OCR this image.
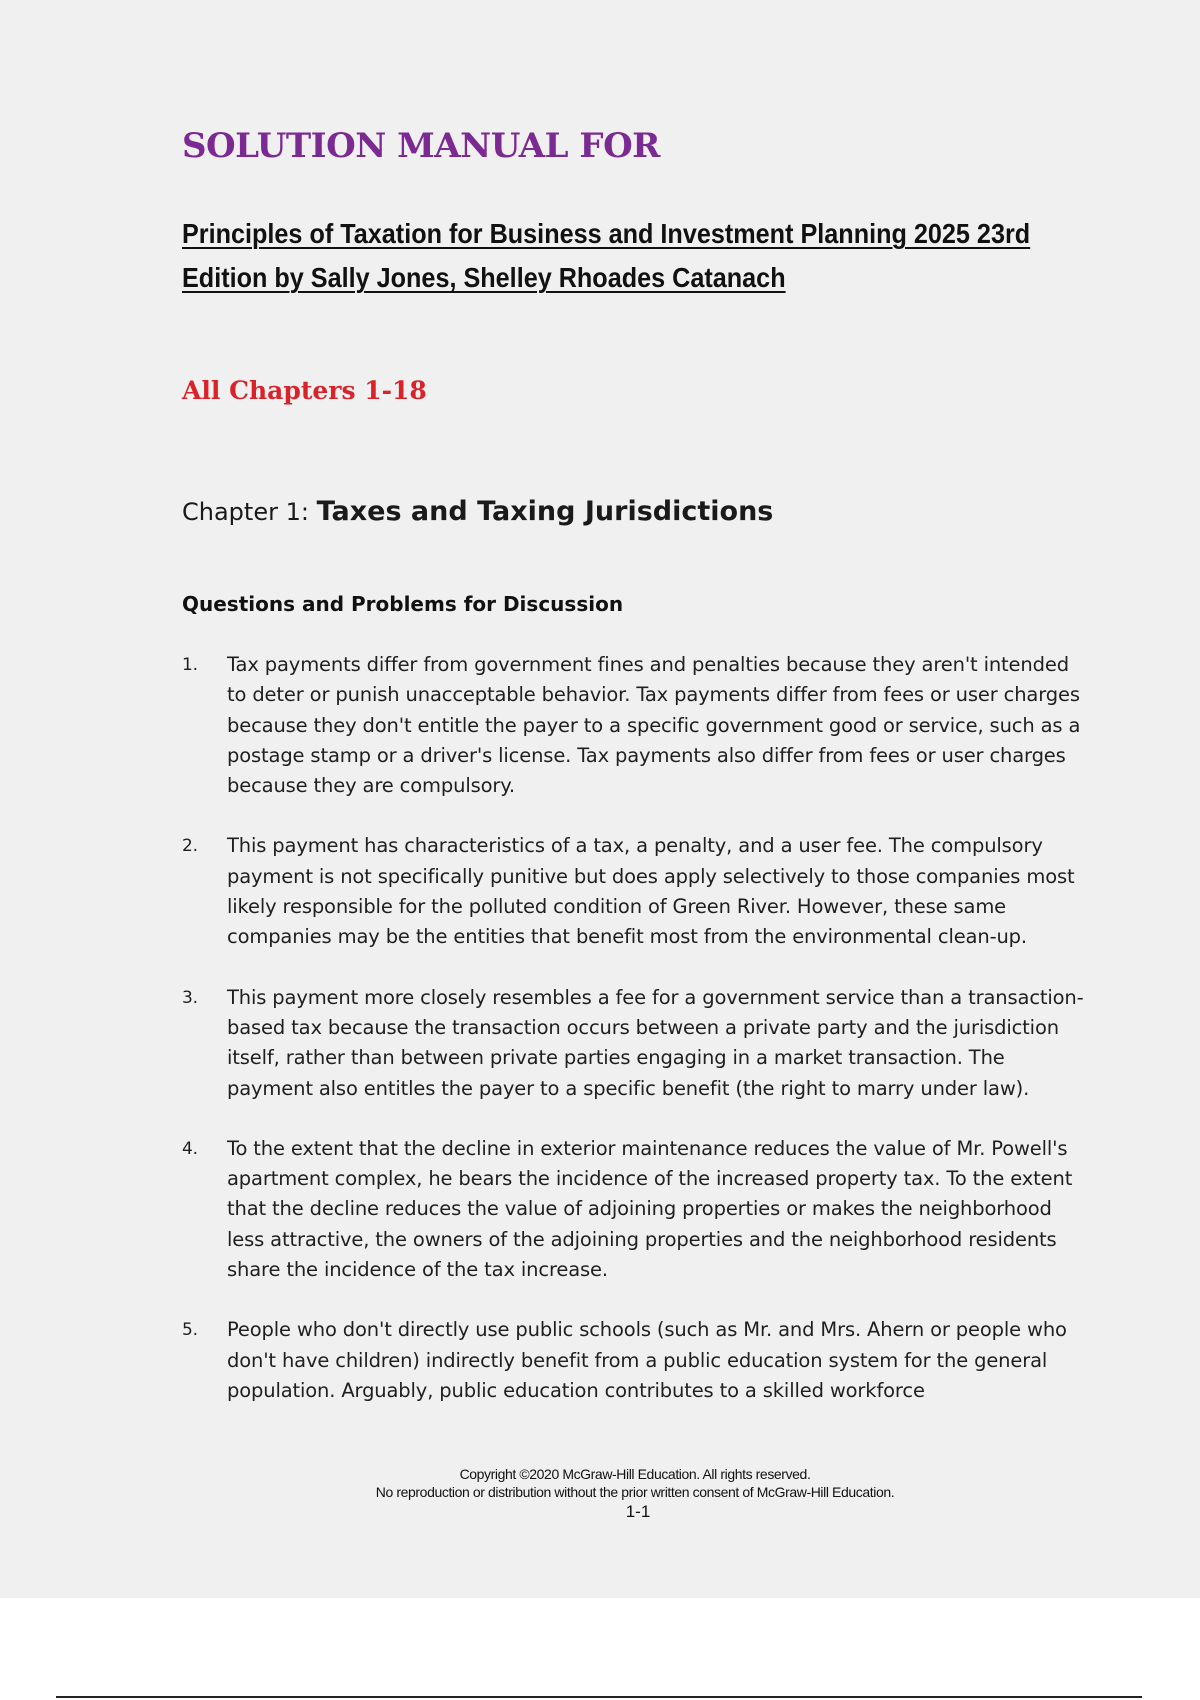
SOLUTION MANUAL FOR
Principles of Taxation for Business and Investment Planning 2025 23rd Edition by Sally Jones, Shelley Rhoades Catanach
All Chapters 1-18
Chapter 1: Taxes and Taxing Jurisdictions
Questions and Problems for Discussion
1. Tax payments differ from government fines and penalties because they aren't intended to deter or punish unacceptable behavior. Tax payments differ from fees or user charges because they don't entitle the payer to a specific government good or service, such as a postage stamp or a driver's license. Tax payments also differ from fees or user charges because they are compulsory.
2. This payment has characteristics of a tax, a penalty, and a user fee. The compulsory payment is not specifically punitive but does apply selectively to those companies most likely responsible for the polluted condition of Green River. However, these same companies may be the entities that benefit most from the environmental clean-up.
3. This payment more closely resembles a fee for a government service than a transaction-based tax because the transaction occurs between a private party and the jurisdiction itself, rather than between private parties engaging in a market transaction. The payment also entitles the payer to a specific benefit (the right to marry under law).
4. To the extent that the decline in exterior maintenance reduces the value of Mr. Powell's apartment complex, he bears the incidence of the increased property tax. To the extent that the decline reduces the value of adjoining properties or makes the neighborhood less attractive, the owners of the adjoining properties and the neighborhood residents share the incidence of the tax increase.
5. People who don't directly use public schools (such as Mr. and Mrs. Ahern or people who don't have children) indirectly benefit from a public education system for the general population. Arguably, public education contributes to a skilled workforce
Copyright ©2020 McGraw-Hill Education. All rights reserved.
No reproduction or distribution without the prior written consent of McGraw-Hill Education.
1-1
